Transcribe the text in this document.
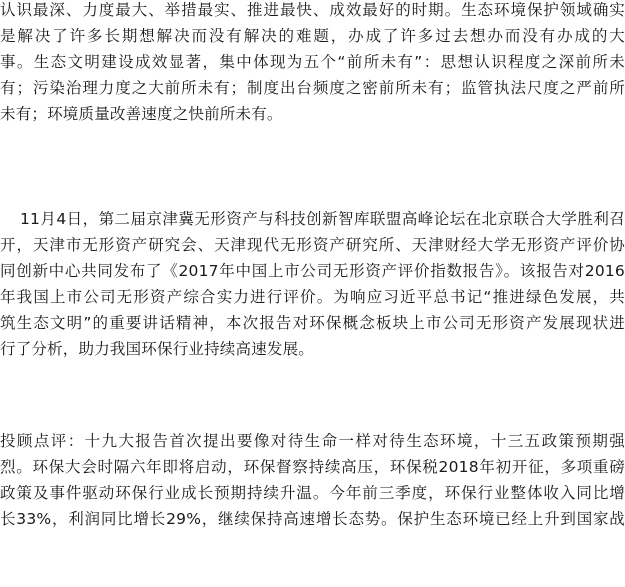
认识最深、力度最大、举措最实、推进最快、成效最好的时期。生态环境保护领域确实
是解决了许多长期想解决而没有解决的难题，办成了许多过去想办而没有办成的大
事。生态文明建设成效显著，集中体现为五个“前所未有”：思想认识程度之深前所未
有；污染治理力度之大前所未有；制度出台频度之密前所未有；监管执法尺度之严前所
未有；环境质量改善速度之快前所未有。
11月4日，第二届京津冀无形资产与科技创新智库联盟高峰论坛在北京联合大学胜利召
开，天津市无形资产研究会、天津现代无形资产研究所、天津财经大学无形资产评价协
同创新中心共同发布了《2017年中国上市公司无形资产评价指数报告》。该报告对2016
年我国上市公司无形资产综合实力进行评价。为响应习近平总书记“推进绿色发展，共
筑生态文明”的重要讲话精神，本次报告对环保概念板块上市公司无形资产发展现状进
行了分析，助力我国环保行业持续高速发展。
投顾点评：十九大报告首次提出要像对待生命一样对待生态环境，十三五政策预期强
烈。环保大会时隔六年即将启动，环保督察持续高压，环保税2018年初开征，多项重磅
政策及事件驱动环保行业成长预期持续升温。今年前三季度，环保行业整体收入同比增
长33%，利润同比增长29%，继续保持高速增长态势。保护生态环境已经上升到国家战
